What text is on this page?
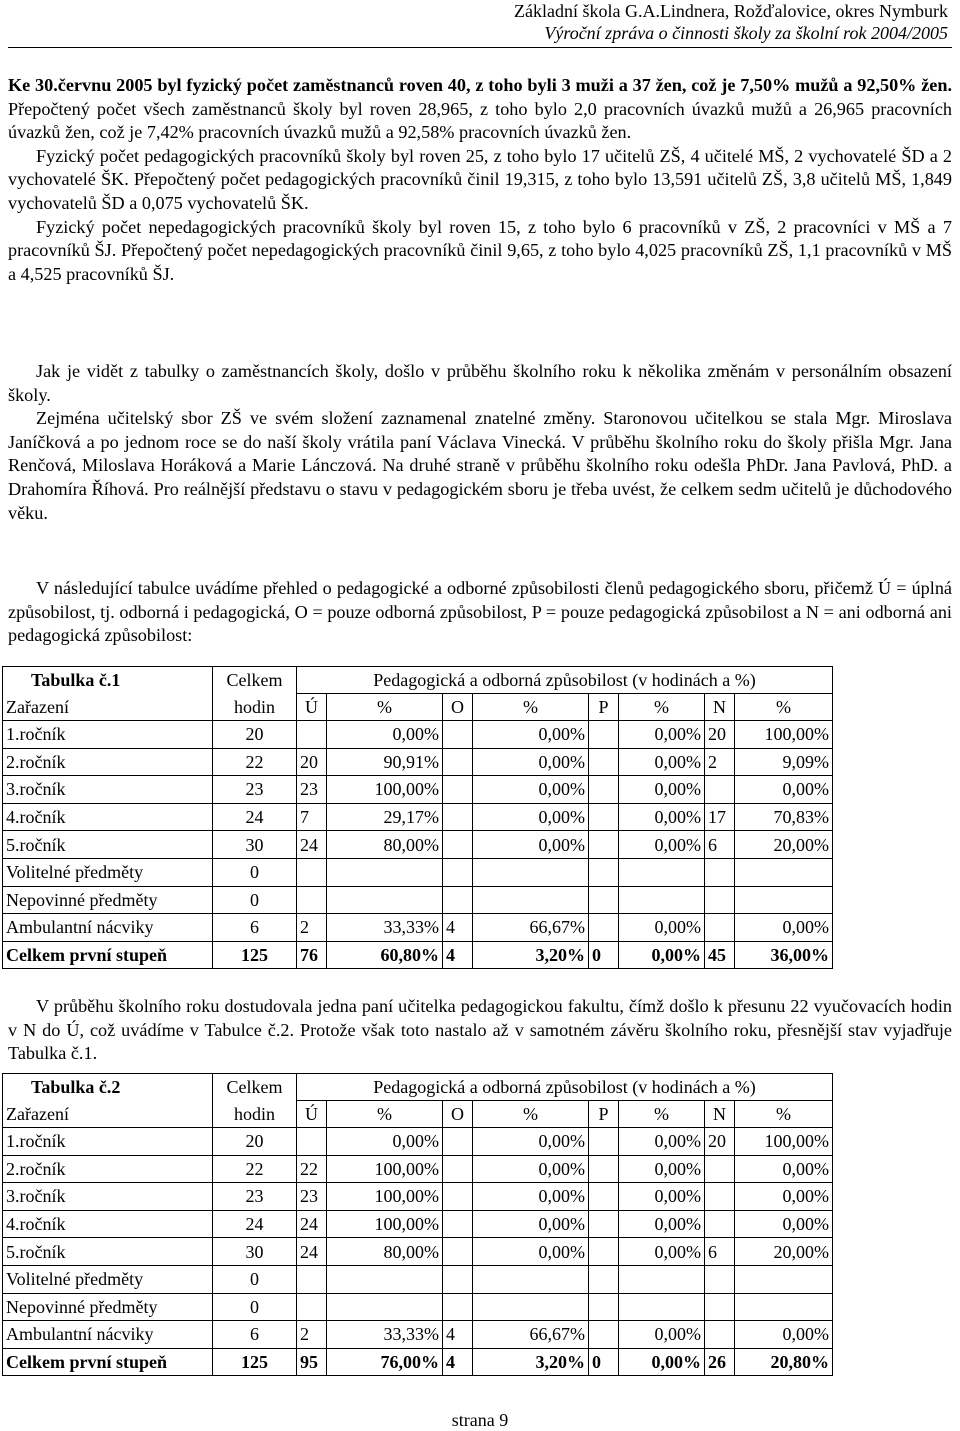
Základní škola G.A.Lindnera, Rožďalovice, okres Nymburk
Výroční zpráva o činnosti školy za školní rok 2004/2005

Ke 30.červnu 2005 byl fyzický počet zaměstnanců roven 40, z toho byli 3 muži a 37 žen, což je 7,50% mužů a 92,50% žen. Přepočtený počet všech zaměstnanců školy byl roven 28,965, z toho bylo 2,0 pracovních úvazků mužů a 26,965 pracovních úvazků žen, což je 7,42% pracovních úvazků mužů a 92,58% pracovních úvazků žen.

Fyzický počet pedagogických pracovníků školy byl roven 25, z toho bylo 17 učitelů ZŠ, 4 učitelé MŠ, 2 vychovatelé ŠD a 2 vychovatelé ŠK. Přepočtený počet pedagogických pracovníků činil 19,315, z toho bylo 13,591 učitelů ZŠ, 3,8 učitelů MŠ, 1,849 vychovatelů ŠD a 0,075 vychovatelů ŠK.

Fyzický počet nepedagogických pracovníků školy byl roven 15, z toho bylo 6 pracovníků v ZŠ, 2 pracovníci v MŠ a 7 pracovníků ŠJ. Přepočtený počet nepedagogických pracovníků činil 9,65, z toho bylo 4,025 pracovníků ZŠ, 1,1 pracovníků v MŠ a 4,525 pracovníků ŠJ.

Jak je vidět z tabulky o zaměstnancích školy, došlo v průběhu školního roku k několika změnám v personálním obsazení školy.

Zejména učitelský sbor ZŠ ve svém složení zaznamenal znatelné změny. Staronovou učitelkou se stala Mgr. Miroslava Janíčková a po jednom roce se do naší školy vrátila paní Václava Vinecká. V průběhu školního roku do školy přišla Mgr. Jana Renčová, Miloslava Horáková a Marie Lánczová. Na druhé straně v průběhu školního roku odešla PhDr. Jana Pavlová, PhD. a Drahomíra Říhová. Pro reálnější představu o stavu v pedagogickém sboru je třeba uvést, že celkem sedm učitelů je důchodového věku.

V následující tabulce uvádíme přehled o pedagogické a odborné způsobilosti členů pedagogického sboru, přičemž Ú = úplná způsobilost, tj. odborná i pedagogická, O = pouze odborná způsobilost, P = pouze pedagogická způsobilost a N = ani odborná ani pedagogická způsobilost:

Tabulka č.1	Celkem	Pedagogická a odborná způsobilost (v hodinách a %)							
Zařazení	hodin	Ú	%	O	%	P	%	N	%
1.ročník	20		0,00%		0,00%		0,00%	20	100,00%
2.ročník	22	20	90,91%		0,00%		0,00%	2	9,09%
3.ročník	23	23	100,00%		0,00%		0,00%		0,00%
4.ročník	24	7	29,17%		0,00%		0,00%	17	70,83%
5.ročník	30	24	80,00%		0,00%		0,00%	6	20,00%
Volitelné předměty	0								
Nepovinné předměty	0								
Ambulantní nácviky	6	2	33,33%	4	66,67%		0,00%		0,00%
Celkem první stupeň	125	76	60,80%	4	3,20%	0	0,00%	45	36,00%

V průběhu školního roku dostudovala jedna paní učitelka pedagogickou fakultu, čímž došlo k přesunu 22 vyučovacích hodin v N do Ú, což uvádíme v Tabulce č.2. Protože však toto nastalo až v samotném závěru školního roku, přesnější stav vyjadřuje Tabulka č.1.

Tabulka č.2	Celkem	Pedagogická a odborná způsobilost (v hodinách a %)							
Zařazení	hodin	Ú	%	O	%	P	%	N	%
1.ročník	20		0,00%		0,00%		0,00%	20	100,00%
2.ročník	22	22	100,00%		0,00%		0,00%		0,00%
3.ročník	23	23	100,00%		0,00%		0,00%		0,00%
4.ročník	24	24	100,00%		0,00%		0,00%		0,00%
5.ročník	30	24	80,00%		0,00%		0,00%	6	20,00%
Volitelné předměty	0								
Nepovinné předměty	0								
Ambulantní nácviky	6	2	33,33%	4	66,67%		0,00%		0,00%
Celkem první stupeň	125	95	76,00%	4	3,20%	0	0,00%	26	20,80%
strana 9
